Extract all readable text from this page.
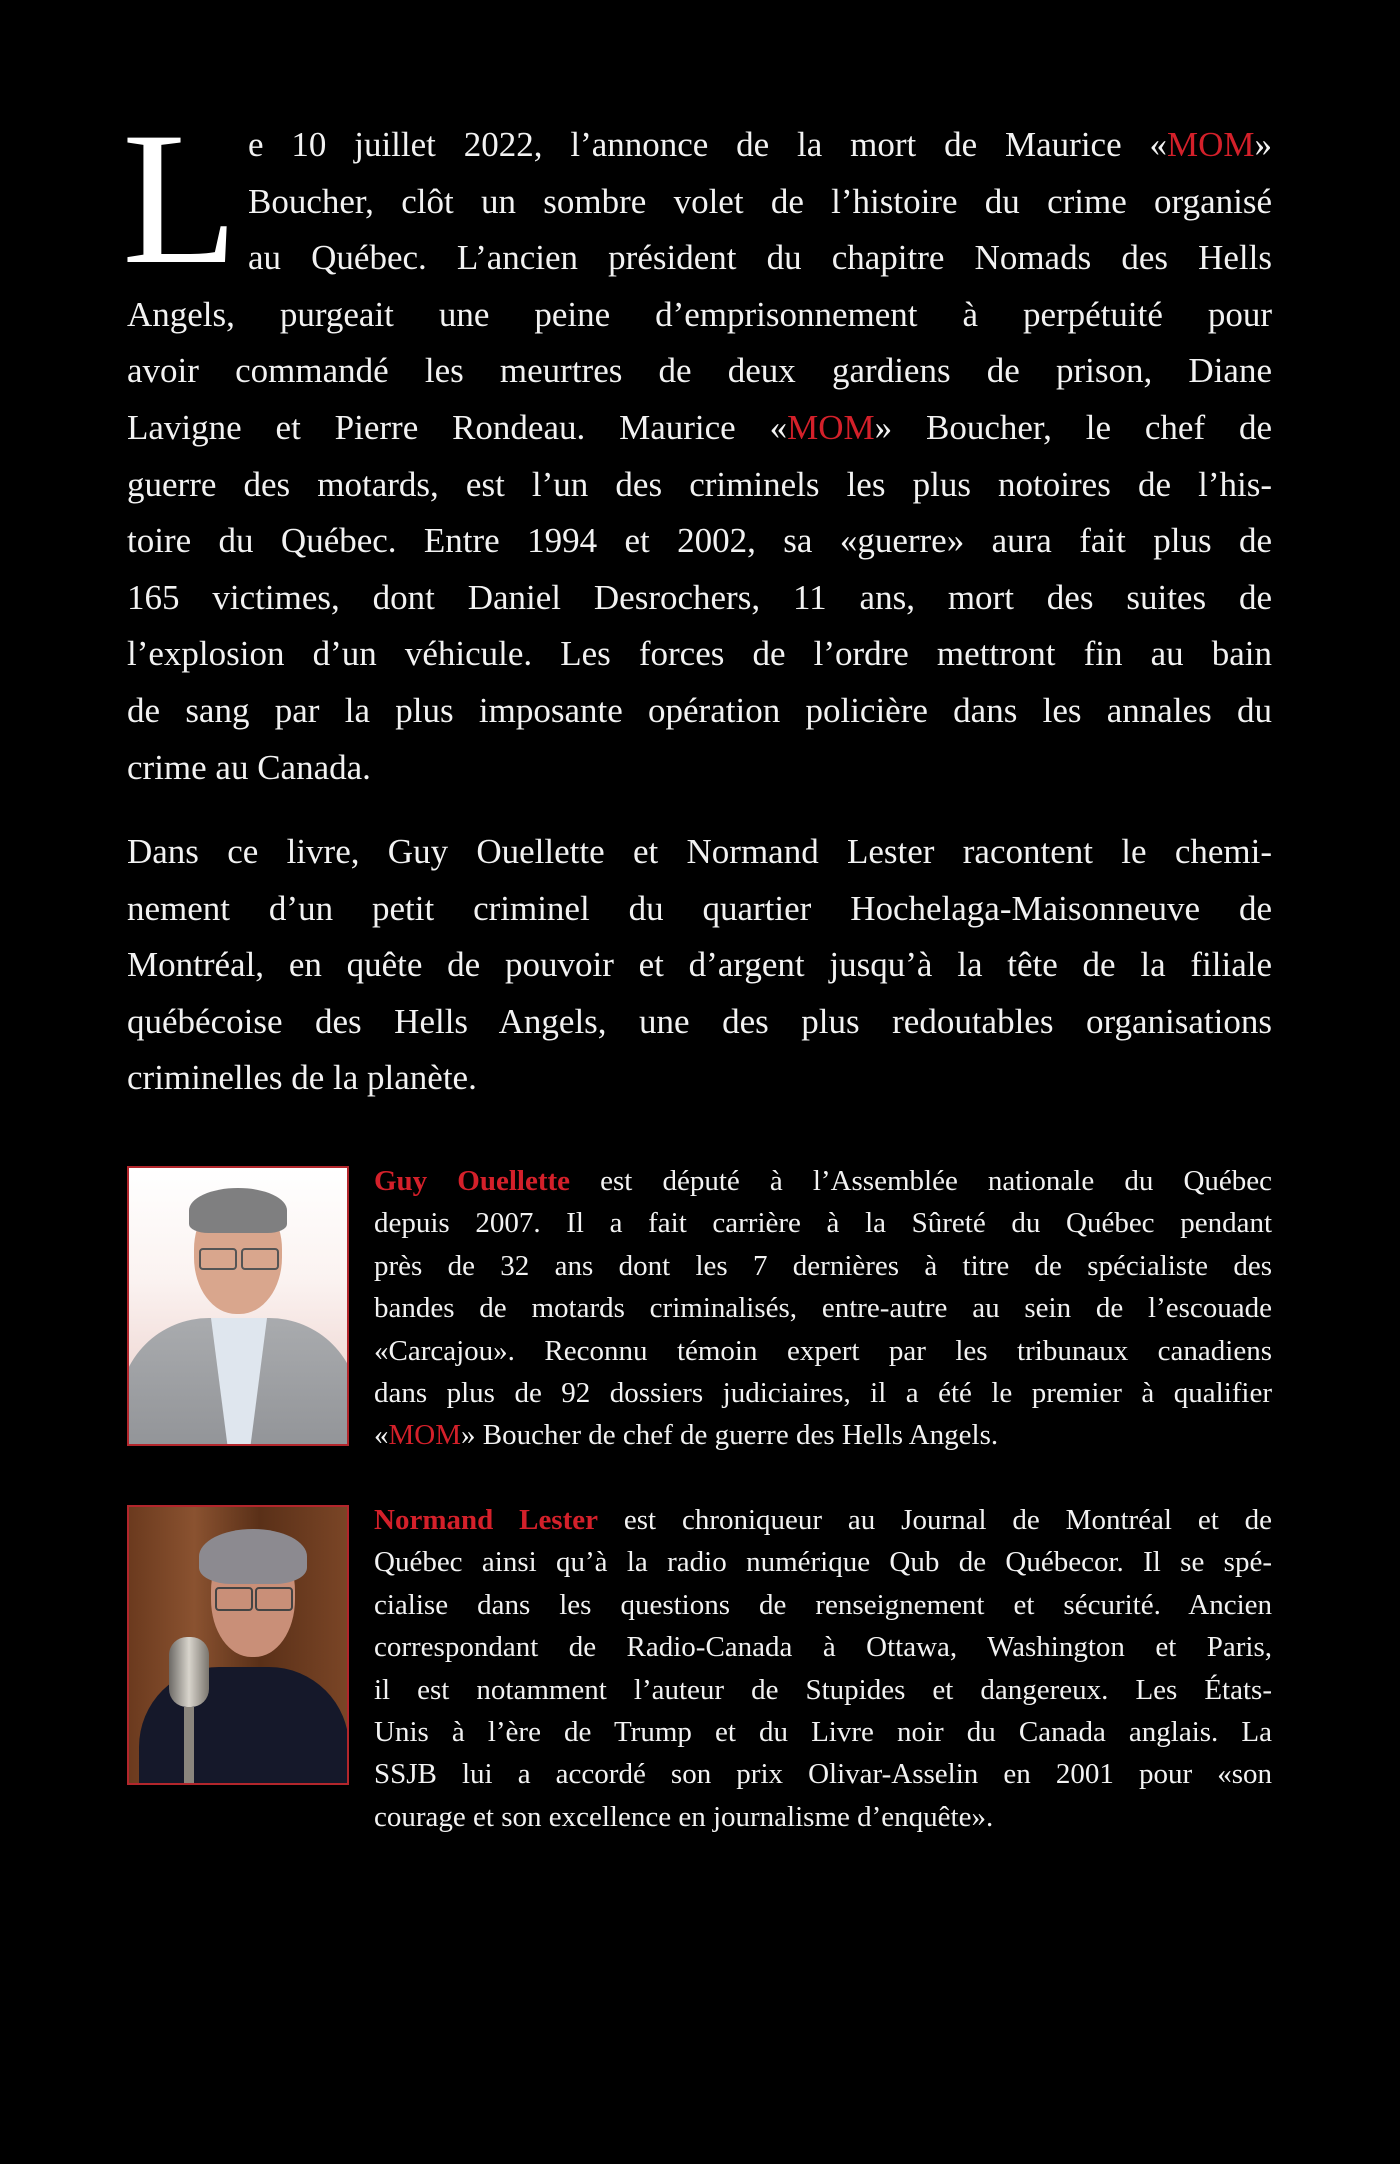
L e 10 juillet 2022, l’annonce de la mort de Maurice «MOM»
Boucher, clôt un sombre volet de l’histoire du crime organisé
au Québec. L’ancien président du chapitre Nomads des Hells
Angels, purgeait une peine d’emprisonnement à perpétuité pour
avoir commandé les meurtres de deux gardiens de prison, Diane
Lavigne et Pierre Rondeau. Maurice «MOM» Boucher, le chef de
guerre des motards, est l’un des criminels les plus notoires de l’his-
toire du Québec. Entre 1994 et 2002, sa «guerre» aura fait plus de
165 victimes, dont Daniel Desrochers, 11 ans, mort des suites de
l’explosion d’un véhicule. Les forces de l’ordre mettront fin au bain
de sang par la plus imposante opération policière dans les annales du
crime au Canada.
Dans ce livre, Guy Ouellette et Normand Lester racontent le chemi-
nement d’un petit criminel du quartier Hochelaga-Maisonneuve de
Montréal, en quête de pouvoir et d’argent jusqu’à la tête de la filiale
québécoise des Hells Angels, une des plus redoutables organisations
criminelles de la planète.
Guy Ouellette est député à l’Assemblée nationale du Québec
depuis 2007. Il a fait carrière à la Sûreté du Québec pendant
près de 32 ans dont les 7 dernières à titre de spécialiste des
bandes de motards criminalisés, entre-autre au sein de l’escouade
«Carcajou». Reconnu témoin expert par les tribunaux canadiens
dans plus de 92 dossiers judiciaires, il a été le premier à qualifier
«MOM» Boucher de chef de guerre des Hells Angels.
Normand Lester est chroniqueur au Journal de Montréal et de
Québec ainsi qu’à la radio numérique Qub de Québecor. Il se spé-
cialise dans les questions de renseignement et sécurité. Ancien
correspondant de Radio-Canada à Ottawa, Washington et Paris,
il est notamment l’auteur de Stupides et dangereux. Les États-
Unis à l’ère de Trump et du Livre noir du Canada anglais. La
SSJB lui a accordé son prix Olivar-Asselin en 2001 pour «son
courage et son excellence en journalisme d’enquête».
